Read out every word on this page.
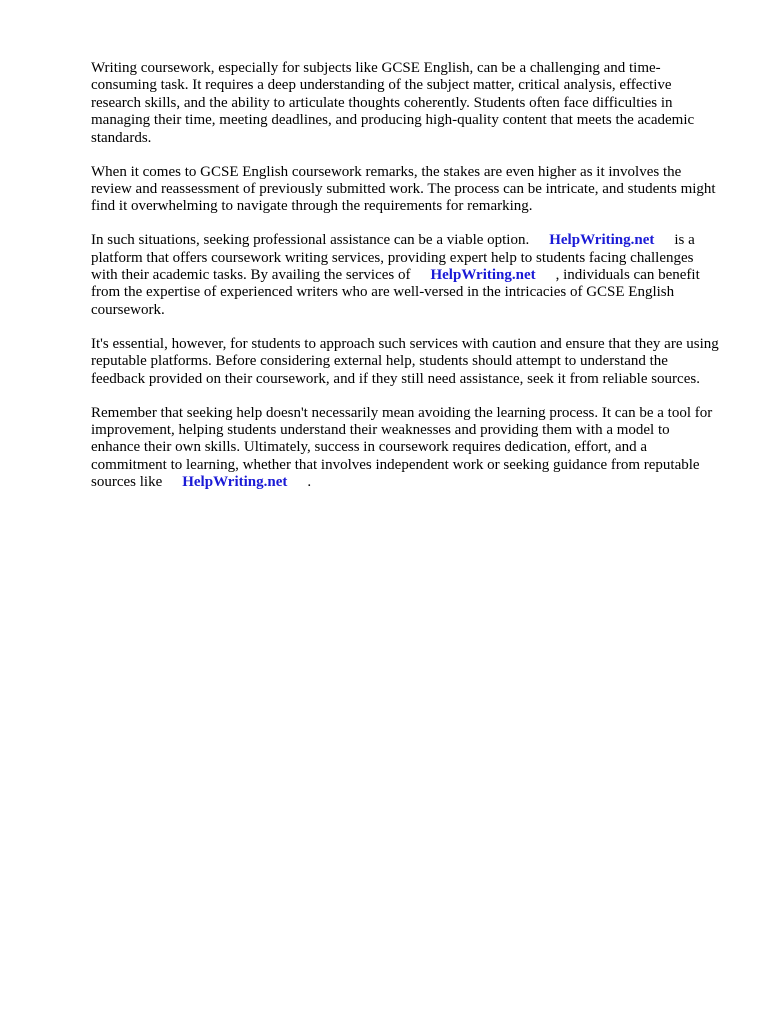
Writing coursework, especially for subjects like GCSE English, can be a challenging and time-consuming task. It requires a deep understanding of the subject matter, critical analysis, effective research skills, and the ability to articulate thoughts coherently. Students often face difficulties in managing their time, meeting deadlines, and producing high-quality content that meets the academic standards.

When it comes to GCSE English coursework remarks, the stakes are even higher as it involves the review and reassessment of previously submitted work. The process can be intricate, and students might find it overwhelming to navigate through the requirements for remarking.

In such situations, seeking professional assistance can be a viable option. HelpWriting.net is a platform that offers coursework writing services, providing expert help to students facing challenges with their academic tasks. By availing the services of HelpWriting.net , individuals can benefit from the expertise of experienced writers who are well-versed in the intricacies of GCSE English coursework.

It's essential, however, for students to approach such services with caution and ensure that they are using reputable platforms. Before considering external help, students should attempt to understand the feedback provided on their coursework, and if they still need assistance, seek it from reliable sources.

Remember that seeking help doesn't necessarily mean avoiding the learning process. It can be a tool for improvement, helping students understand their weaknesses and providing them with a model to enhance their own skills. Ultimately, success in coursework requires dedication, effort, and a commitment to learning, whether that involves independent work or seeking guidance from reputable sources like HelpWriting.net .
